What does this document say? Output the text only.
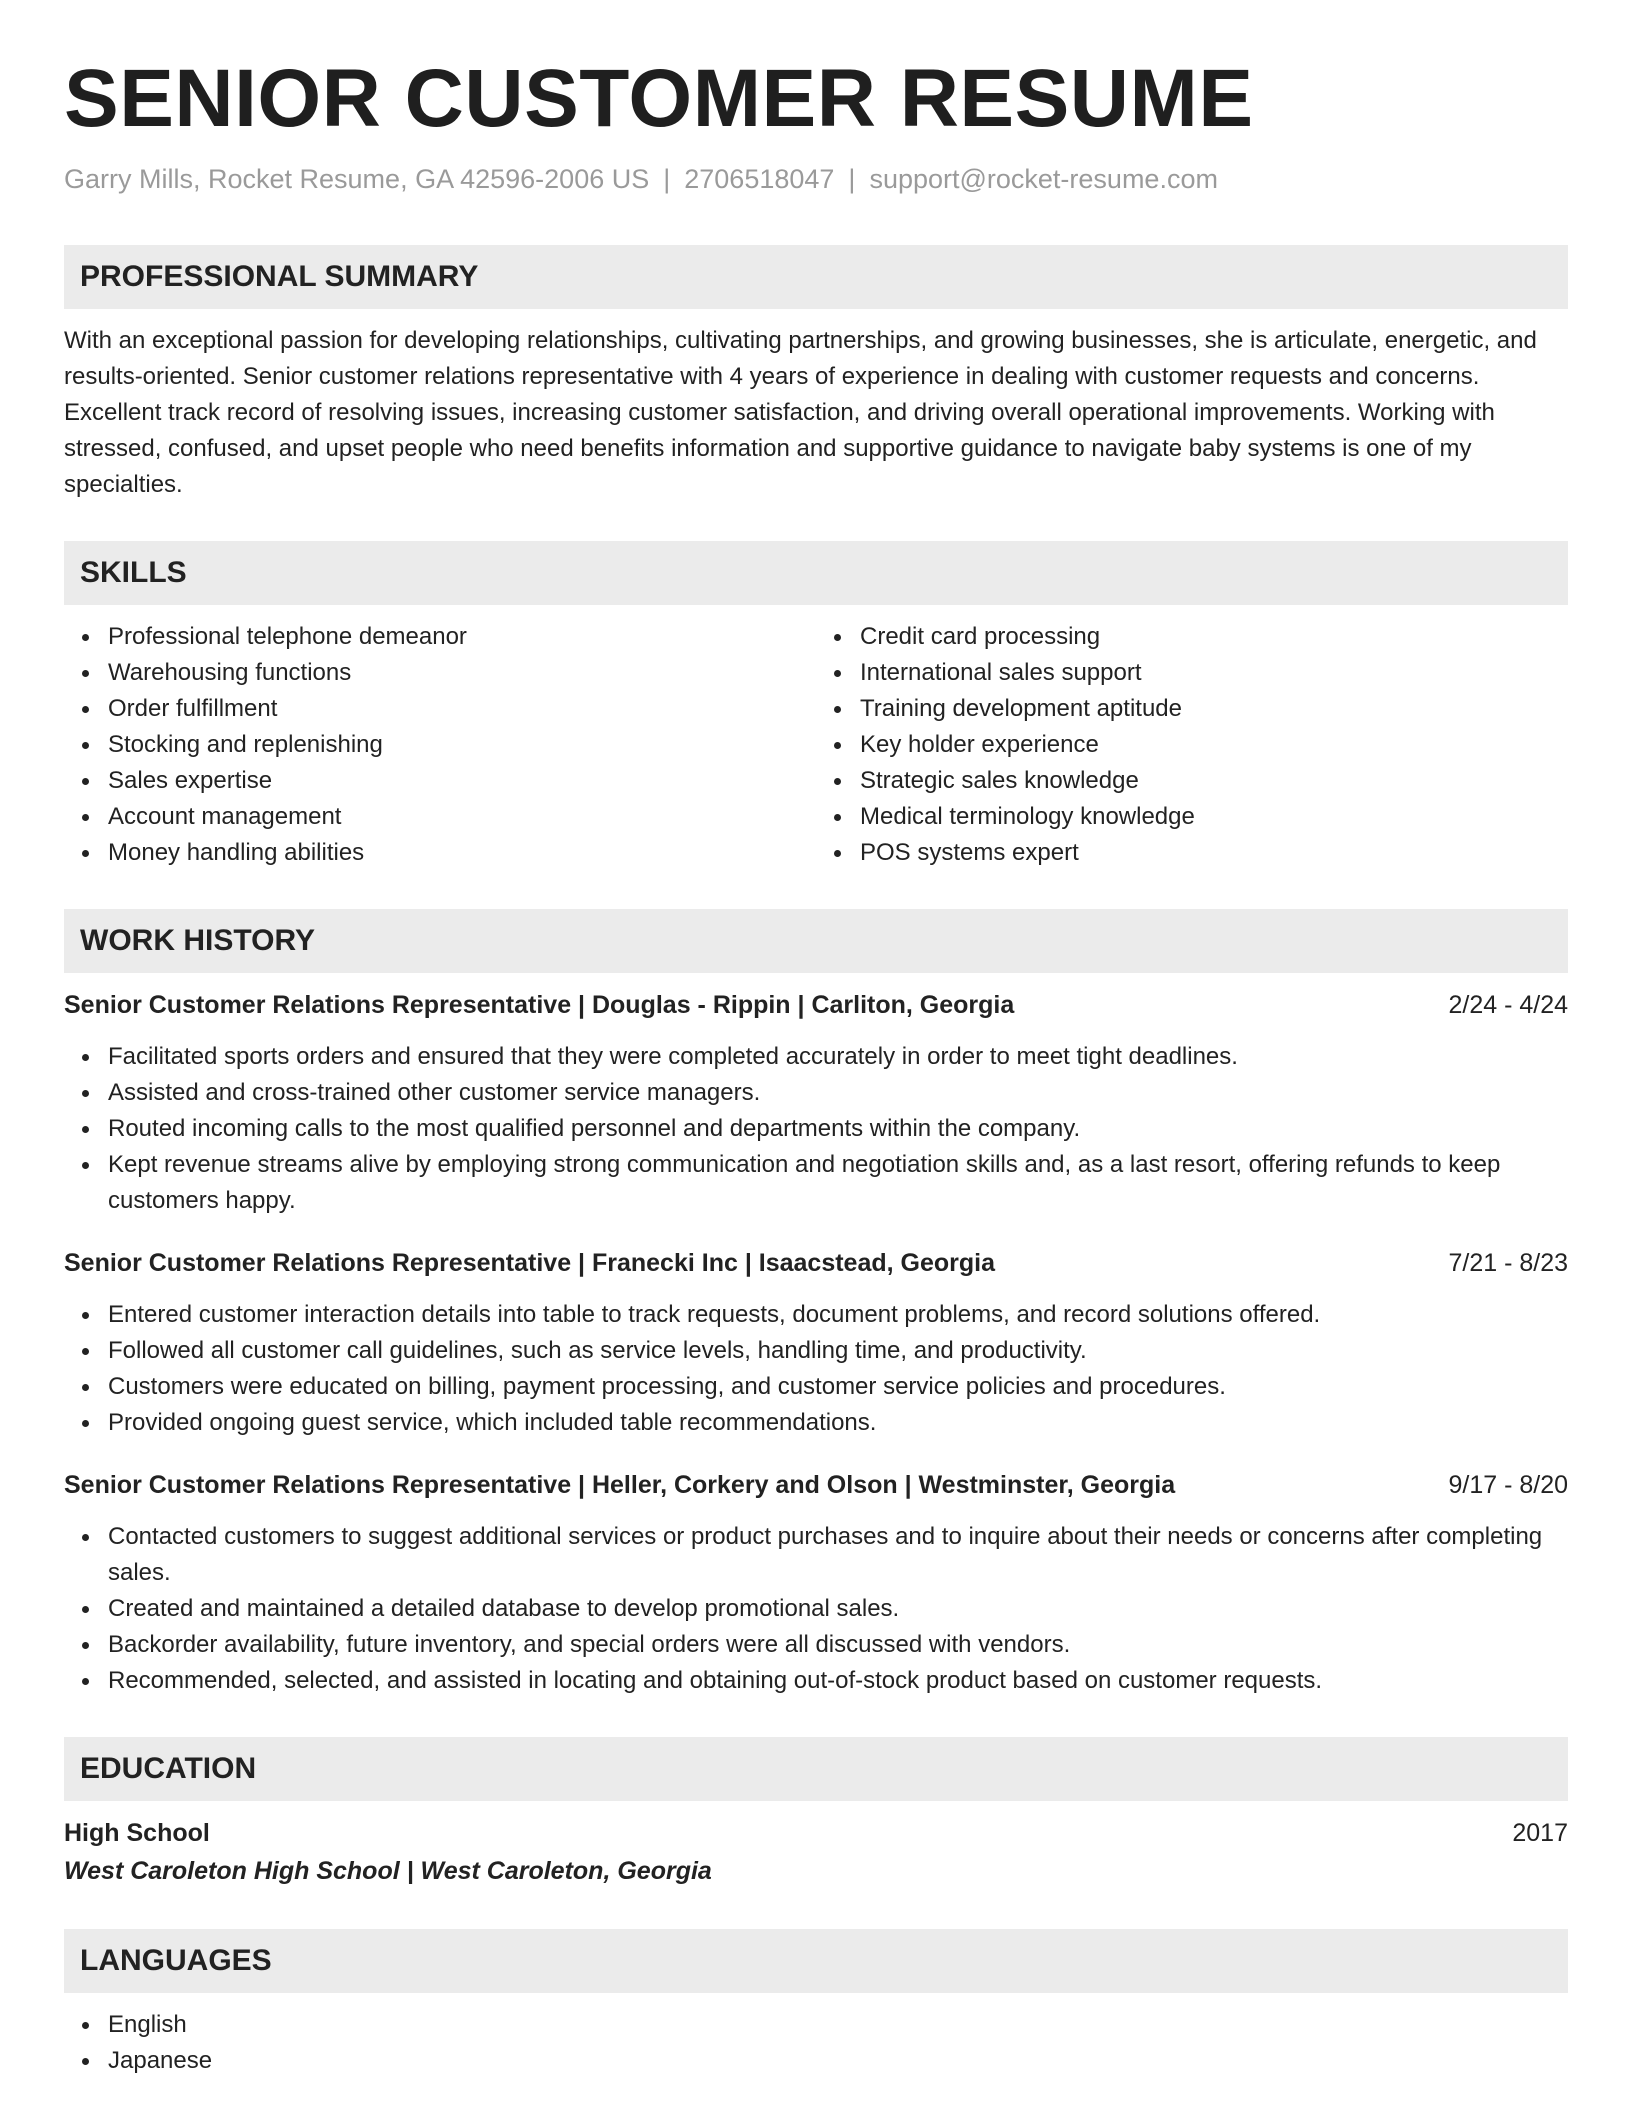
SENIOR CUSTOMER RESUME
Garry Mills, Rocket Resume, GA 42596-2006 US | 2706518047 | support@rocket-resume.com
PROFESSIONAL SUMMARY
With an exceptional passion for developing relationships, cultivating partnerships, and growing businesses, she is articulate, energetic, and results-oriented. Senior customer relations representative with 4 years of experience in dealing with customer requests and concerns. Excellent track record of resolving issues, increasing customer satisfaction, and driving overall operational improvements. Working with stressed, confused, and upset people who need benefits information and supportive guidance to navigate baby systems is one of my specialties.
SKILLS
Professional telephone demeanor
Warehousing functions
Order fulfillment
Stocking and replenishing
Sales expertise
Account management
Money handling abilities
Credit card processing
International sales support
Training development aptitude
Key holder experience
Strategic sales knowledge
Medical terminology knowledge
POS systems expert
WORK HISTORY
Senior Customer Relations Representative | Douglas - Rippin | Carliton, Georgia	2/24 - 4/24
Facilitated sports orders and ensured that they were completed accurately in order to meet tight deadlines.
Assisted and cross-trained other customer service managers.
Routed incoming calls to the most qualified personnel and departments within the company.
Kept revenue streams alive by employing strong communication and negotiation skills and, as a last resort, offering refunds to keep customers happy.
Senior Customer Relations Representative | Franecki Inc | Isaacstead, Georgia	7/21 - 8/23
Entered customer interaction details into table to track requests, document problems, and record solutions offered.
Followed all customer call guidelines, such as service levels, handling time, and productivity.
Customers were educated on billing, payment processing, and customer service policies and procedures.
Provided ongoing guest service, which included table recommendations.
Senior Customer Relations Representative | Heller, Corkery and Olson | Westminster, Georgia	9/17 - 8/20
Contacted customers to suggest additional services or product purchases and to inquire about their needs or concerns after completing sales.
Created and maintained a detailed database to develop promotional sales.
Backorder availability, future inventory, and special orders were all discussed with vendors.
Recommended, selected, and assisted in locating and obtaining out-of-stock product based on customer requests.
EDUCATION
High School	2017
West Caroleton High School | West Caroleton, Georgia
LANGUAGES
English
Japanese
